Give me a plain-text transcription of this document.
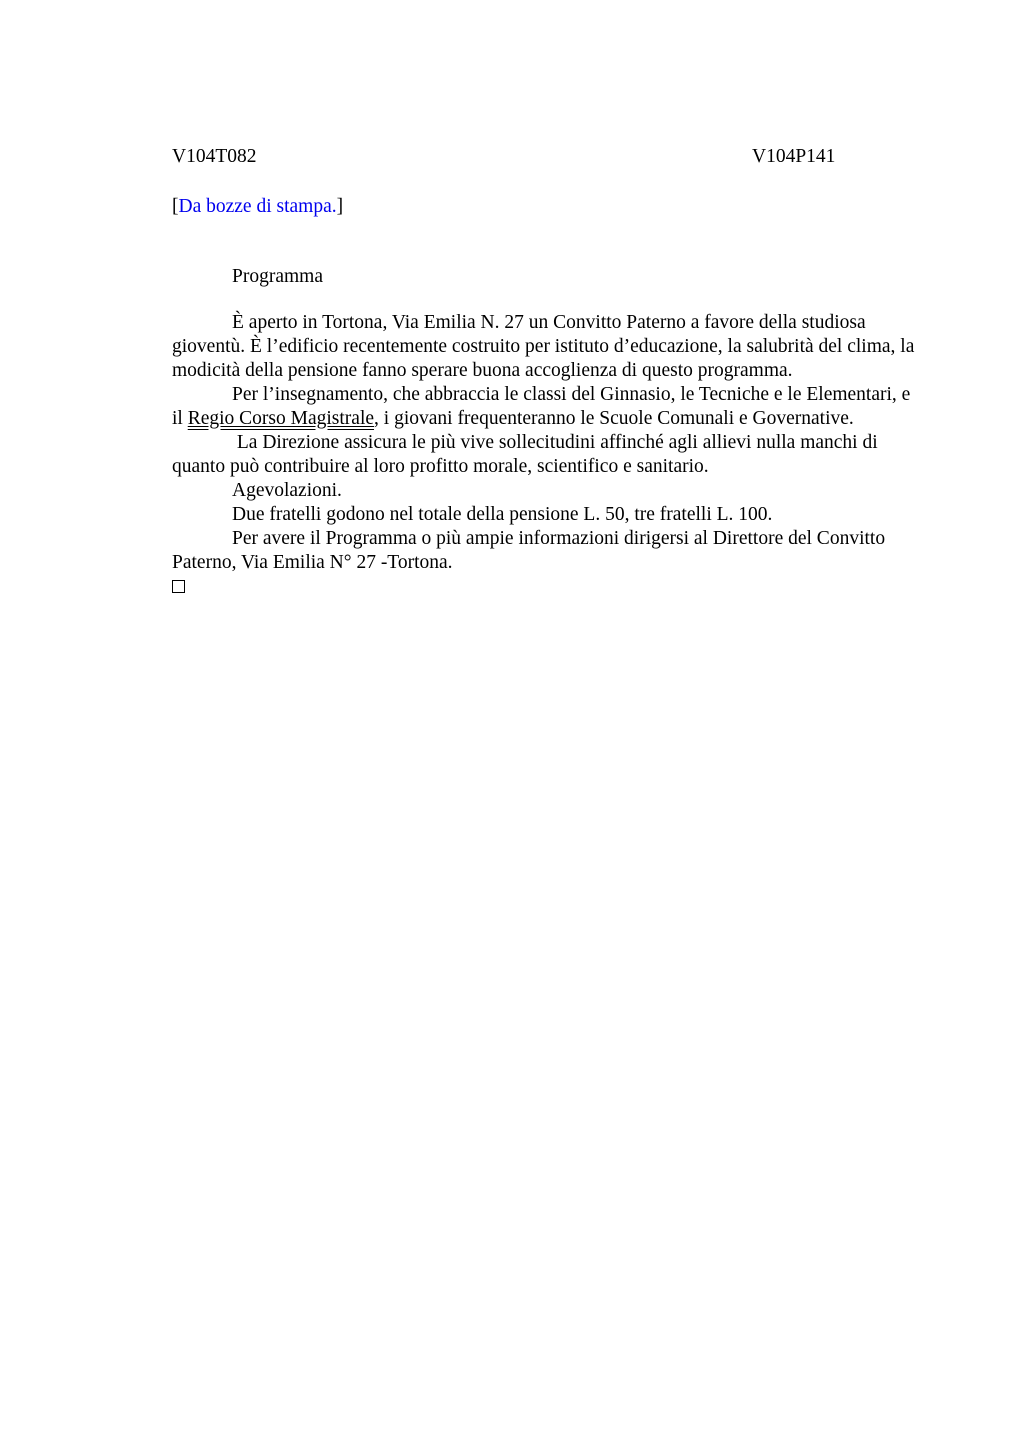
V104T082	V104P141
[Da bozze di stampa.]
Programma

È aperto in Tortona, Via Emilia N. 27 un Convitto Paterno a favore della studiosa gioventù. È l’edificio recentemente costruito per istituto d’educazione, la salubrità del clima, la modicità della pensione fanno sperare buona accoglienza di questo programma.

Per l’insegnamento, che abbraccia le classi del Ginnasio, le Tecniche e le Elementari, e il Regio Corso Magistrale, i giovani frequenteranno le Scuole Comunali e Governative.

La Direzione assicura le più vive sollecitudini affinché agli allievi nulla manchi di quanto può contribuire al loro profitto morale, scientifico e sanitario.

Agevolazioni.

Due fratelli godono nel totale della pensione L. 50, tre fratelli L. 100.

Per avere il Programma o più ampie informazioni dirigersi al Direttore del Convitto Paterno, Via Emilia N° 27 -Tortona.
